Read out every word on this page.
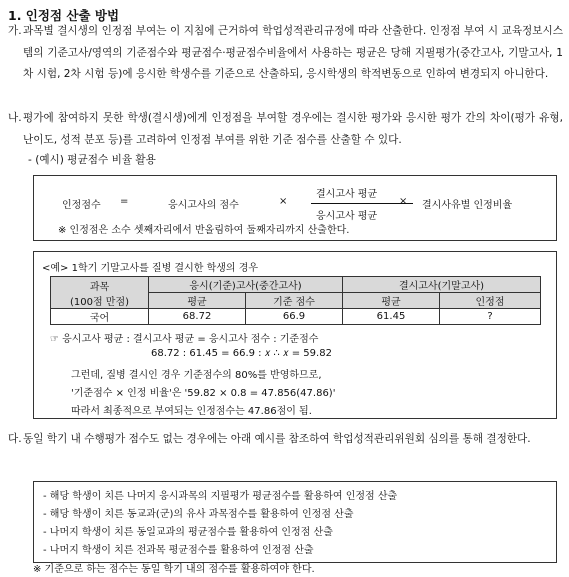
1. 인정점 산출 방법
가. 과목별 결시생의 인정점 부여는 이 지침에 근거하여 학업성적관리규정에 따라 산출한다. 인정점 부여 시 교육정보시스템의 기준고사/영역의 기준점수와 평균점수·평균점수비율에서 사용하는 평균은 당해 지필평가(중간고사, 기말고사, 1차 시험, 2차 시험 등)에 응시한 학생수를 기준으로 산출하되, 응시학생의 학적변동으로 인하여 변경되지 아니한다.
나. 평가에 참여하지 못한 학생(결시생)에게 인정점을 부여할 경우에는 결시한 평가와 응시한 평가 간의 차이(평가 유형, 난이도, 성적 분포 등)를 고려하여 인정점 부여를 위한 기준 점수를 산출할 수 있다.
- (예시) 평균점수 비율 활용
인정점수 =	응시고사의 점수	×
결시고사 평균
응시고사 평균
× 결시사유별 인정비율
※ 인정점은 소수 셋째자리에서 반올림하여 둘째자리까지 산출한다.
<예> 1학기 기말고사를 질병 결시한 학생의 경우
과목
(100점 만점)	응시(기준)고사(중간고사)		결시고사(기말고사)	
	평균	기준 점수	평균	인정점
국어	68.72	66.9	61.45	?
☞ 응시고사 평균 : 결시고사 평균 = 응시고사 점수 : 기준점수
68.72 : 61.45 = 66.9 : 𝑥 ∴ 𝑥 = 59.82
그런데, 질병 결시인 경우 기준점수의 80%를 반영하므로,
'기준점수 × 인정 비율'은 '59.82 × 0.8 = 47.856(47.86)'
따라서 최종적으로 부여되는 인정점수는 47.86점이 됨.
다. 동일 학기 내 수행평가 점수도 없는 경우에는 아래 예시를 참조하여 학업성적관리위원회 심의를 통해 결정한다.
- 해당 학생이 치른 나머지 응시과목의 지필평가 평균점수를 활용하여 인정점 산출
- 해당 학생이 치른 동교과(군)의 유사 과목점수를 활용하여 인정점 산출
- 나머지 학생이 치른 동일교과의 평균점수를 활용하여 인정점 산출
- 나머지 학생이 치른 전과목 평균점수를 활용하여 인정점 산출
※ 기준으로 하는 점수는 동일 학기 내의 점수를 활용하여야 한다.
